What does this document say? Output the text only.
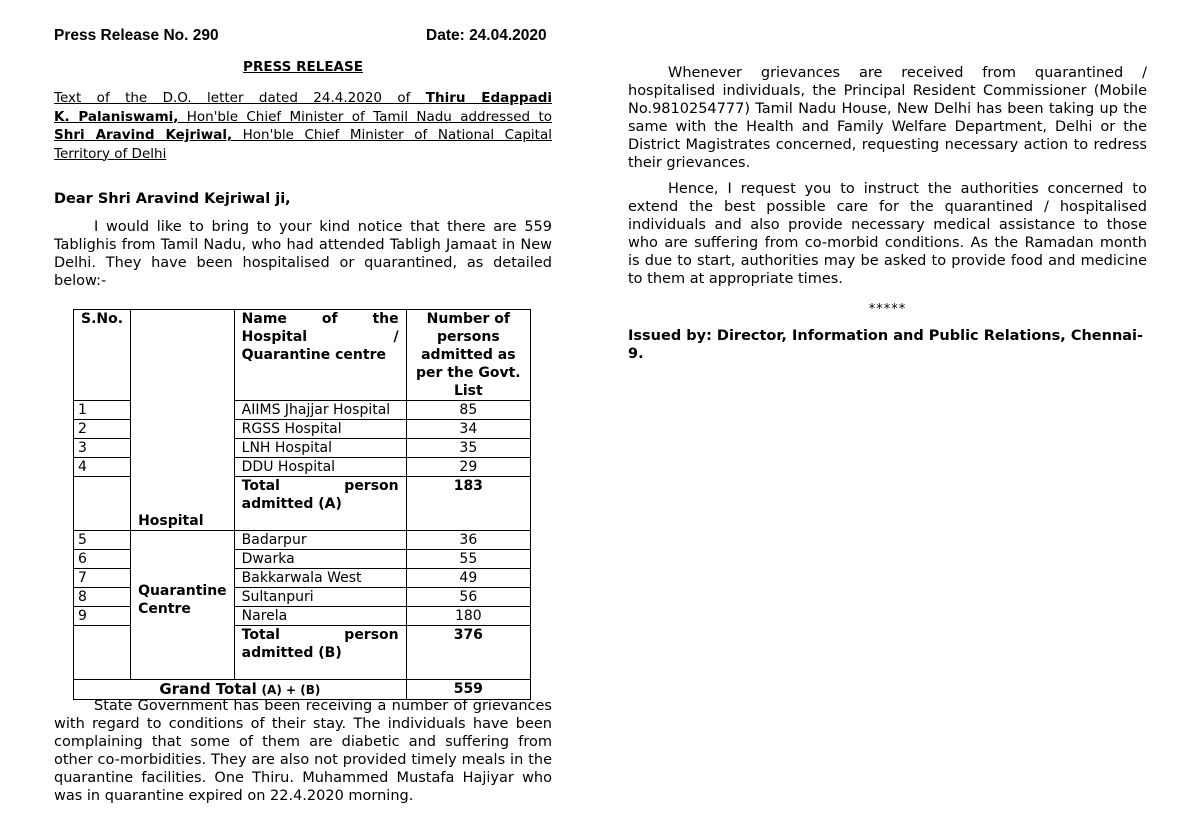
Press Release No. 290	Date: 24.04.2020
PRESS RELEASE
Text of the D.O. letter dated 24.4.2020 of Thiru Edappadi
K. Palaniswami, Hon'ble Chief Minister of Tamil Nadu addressed to
Shri Aravind Kejriwal, Hon'ble Chief Minister of National Capital
Territory of Delhi
Dear Shri Aravind Kejriwal ji,
I would like to bring to your kind notice that there are 559 Tablighis from Tamil Nadu, who had attended Tabligh Jamaat in New Delhi. They have been hospitalised or quarantined, as detailed below:-
S.No.	Hospital	Name of the Hospital / Quarantine centre	Number of persons admitted as per the Govt. List
1		AIIMS Jhajjar Hospital	85
2		RGSS Hospital	34
3		LNH Hospital	35
4		DDU Hospital	29
		Total person admitted (A)	183
5	Quarantine Centre	Badarpur	36
6		Dwarka	55
7		Bakkarwala West	49
8		Sultanpuri	56
9		Narela	180
		Total person admitted (B)	376
Grand Total (A) + (B)			559
State Government has been receiving a number of grievances with regard to conditions of their stay. The individuals have been complaining that some of them are diabetic and suffering from other co-morbidities. They are also not provided timely meals in the quarantine facilities. One Thiru. Muhammed Mustafa Hajiyar who was in quarantine expired on 22.4.2020 morning.
Whenever grievances are received from quarantined / hospitalised individuals, the Principal Resident Commissioner (Mobile No.9810254777) Tamil Nadu House, New Delhi has been taking up the same with the Health and Family Welfare Department, Delhi or the District Magistrates concerned, requesting necessary action to redress their grievances.
Hence, I request you to instruct the authorities concerned to extend the best possible care for the quarantined / hospitalised individuals and also provide necessary medical assistance to those who are suffering from co-morbid conditions. As the Ramadan month is due to start, authorities may be asked to provide food and medicine to them at appropriate times.
*****
Issued by: Director, Information and Public Relations, Chennai-9.
